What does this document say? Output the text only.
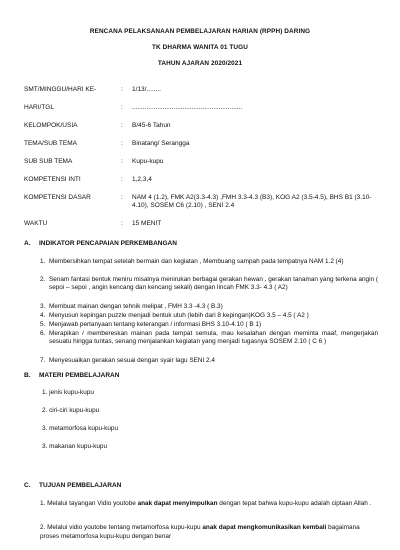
RENCANA PELAKSANAAN PEMBELAJARAN HARIAN (RPPH) DARING
TK DHARMA WANITA 01 TUGU
TAHUN AJARAN 2020/2021
SMT/MINGGU/HARI KE-	:	1/13/........
HARI/TGL	:	.............................................................
KELOMPOK/USIA	:	B/45-6 Tahun
TEMA/SUB TEMA	:	Binatang/ Serangga
SUB SUB TEMA	:	Kupu-kupu
KOMPETENSI INTI	:	1,2,3,4
KOMPETENSI DASAR	:	NAM 4 (1.2), FMK A2(3.3-4.3) ,FMH 3.3-4.3 (B3), KOG A2 (3.5-4.5), BHS B1 (3.10-4.10), SOSEM C6 (2.10) , SENI 2.4
WAKTU	:	15 MENIT
A. INDIKATOR PENCAPAIAN PERKEMBANGAN
1. Membersihkan tempat setelah bermain dan kegiatan , Membuang sampah pada tempatnya NAM 1.2 (4)
2. Senam fantasi bentuk meniru misalnya menirukan berbagai gerakan hewan , gerakan tanaman yang terkena angin ( sepoi – sepoi , angin kencang dan kencang sekali) dengan lincah FMK 3.3- 4.3 ( A2)
3. Membuat mainan dengan tehnik melipat , FMH 3.3 -4.3 ( B.3)
4. Menyusun kepingan puzzle menjadi bentuk utuh (lebih dari 8 kepingan)KOG 3.5 – 4.5 ( A2 )
5. Menjawab pertanyaan tentang keterangan / informasi BHS 3.10-4.10 ( B 1)
6. Merapikan / membereskan mainan pada tempat semula, mau kesalahan dengan meminta maaf, mengerjakan sesuatu hingga tuntas, senang menjalankan kegiatan yang menjadi tugasnya SOSEM 2.10 ( C 6 )
7. Menyesuaikan gerakan sesuai dengan syair lagu SENI 2.4
B. MATERI PEMBELAJARAN
1. jenis kupu-kupu
2. ciri-ciri kupu-kupu
3. metamorfosa kupu-kupu
3. makanan kupu-kupu
C. TUJUAN PEMBELAJARAN
1. Melalui tayangan Vidio youtobe anak dapat menyimpulkan dengan tepat bahwa kupu-kupu adalah ciptaan Allah .
2. Melalui vidio youtobe tentang metamorfosa kupu-kupu anak dapat mengkomunikasikan kembali bagaimana proses metamorfosa kupu-kupu dengan benar
